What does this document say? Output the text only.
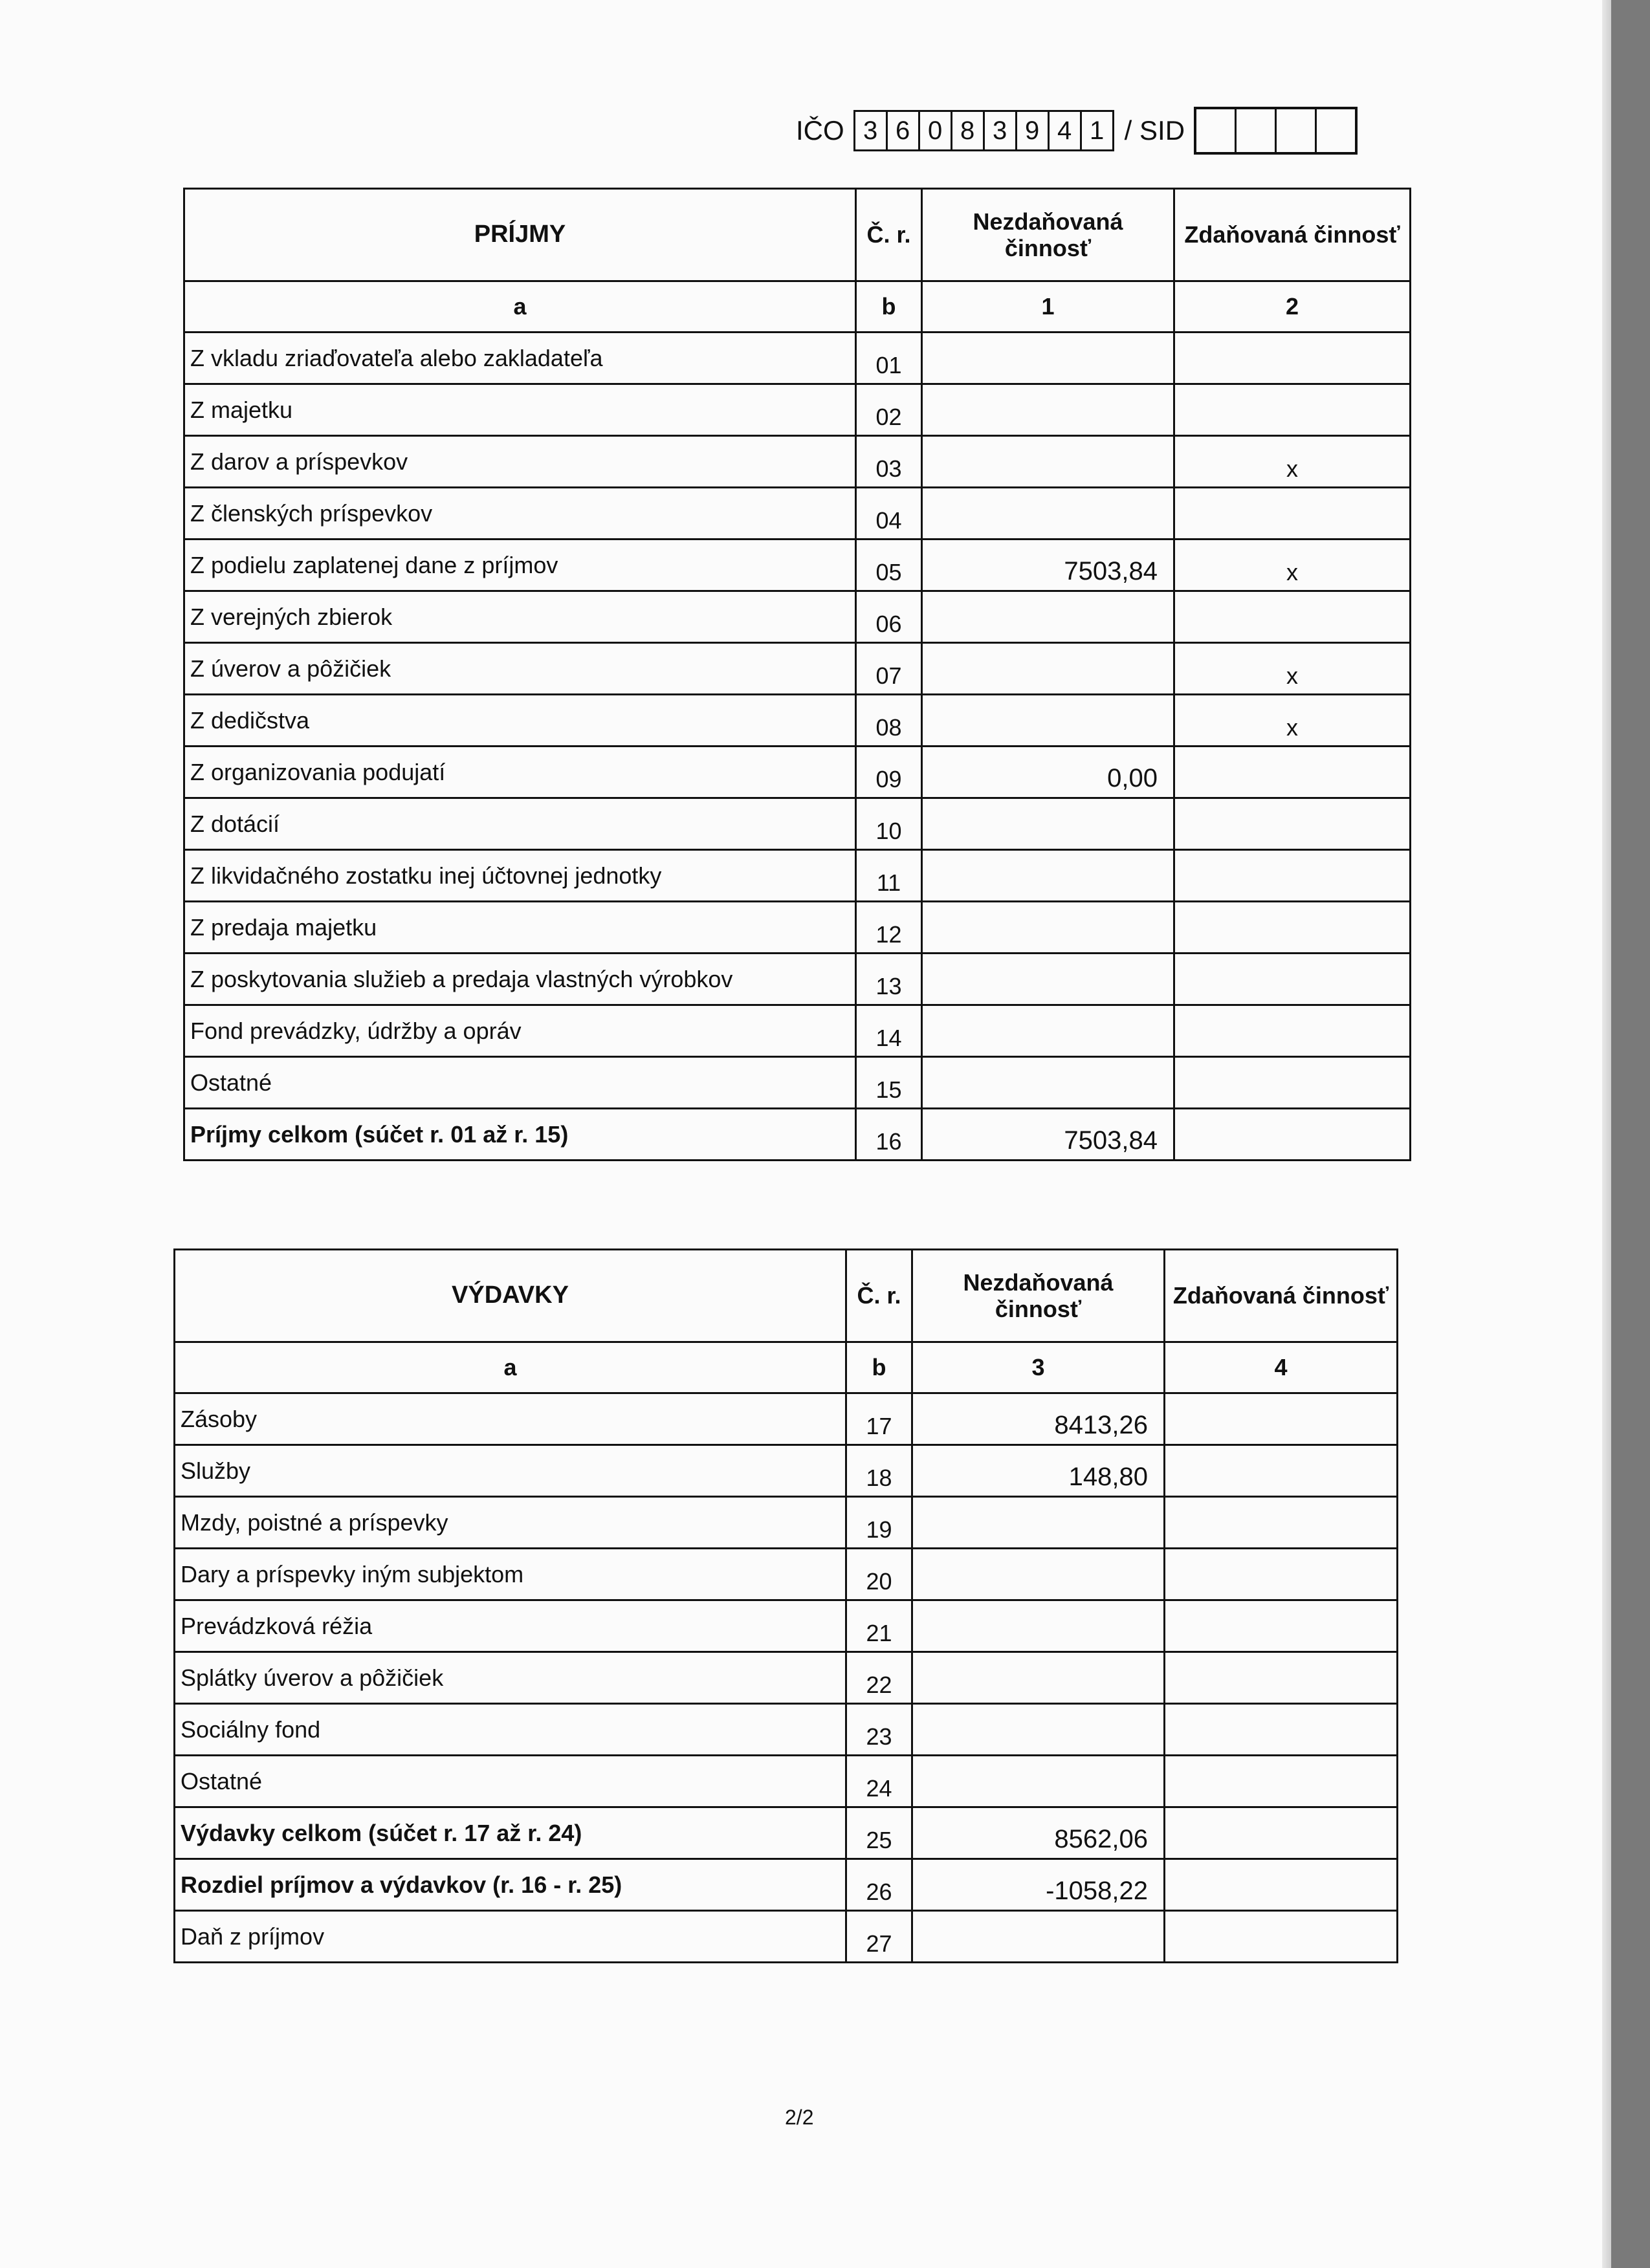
IČO 3 6 0 8 3 9 4 1 / SID
PRÍJMY	Č. r.	Nezdaňovaná činnosť	Zdaňovaná činnosť
a	b	1	2
Z vkladu zriaďovateľa alebo zakladateľa	01		
Z majetku	02		
Z darov a príspevkov	03		x
Z členských príspevkov	04		
Z podielu zaplatenej dane z príjmov	05	7503,84	x
Z verejných zbierok	06		
Z úverov a pôžičiek	07		x
Z dedičstva	08		x
Z organizovania podujatí	09	0,00	
Z dotácií	10		
Z likvidačného zostatku inej účtovnej jednotky	11		
Z predaja majetku	12		
Z poskytovania služieb a predaja vlastných výrobkov	13		
Fond prevádzky, údržby a opráv	14		
Ostatné	15		
Príjmy celkom (súčet r. 01 až r. 15)	16	7503,84	
VÝDAVKY	Č. r.	Nezdaňovaná činnosť	Zdaňovaná činnosť
a	b	3	4
Zásoby	17	8413,26	
Služby	18	148,80	
Mzdy, poistné a príspevky	19		
Dary a príspevky iným subjektom	20		
Prevádzková réžia	21		
Splátky úverov a pôžičiek	22		
Sociálny fond	23		
Ostatné	24		
Výdavky celkom (súčet r. 17 až r. 24)	25	8562,06	
Rozdiel príjmov a výdavkov (r. 16 - r. 25)	26	-1058,22	
Daň z príjmov	27		
2/2
